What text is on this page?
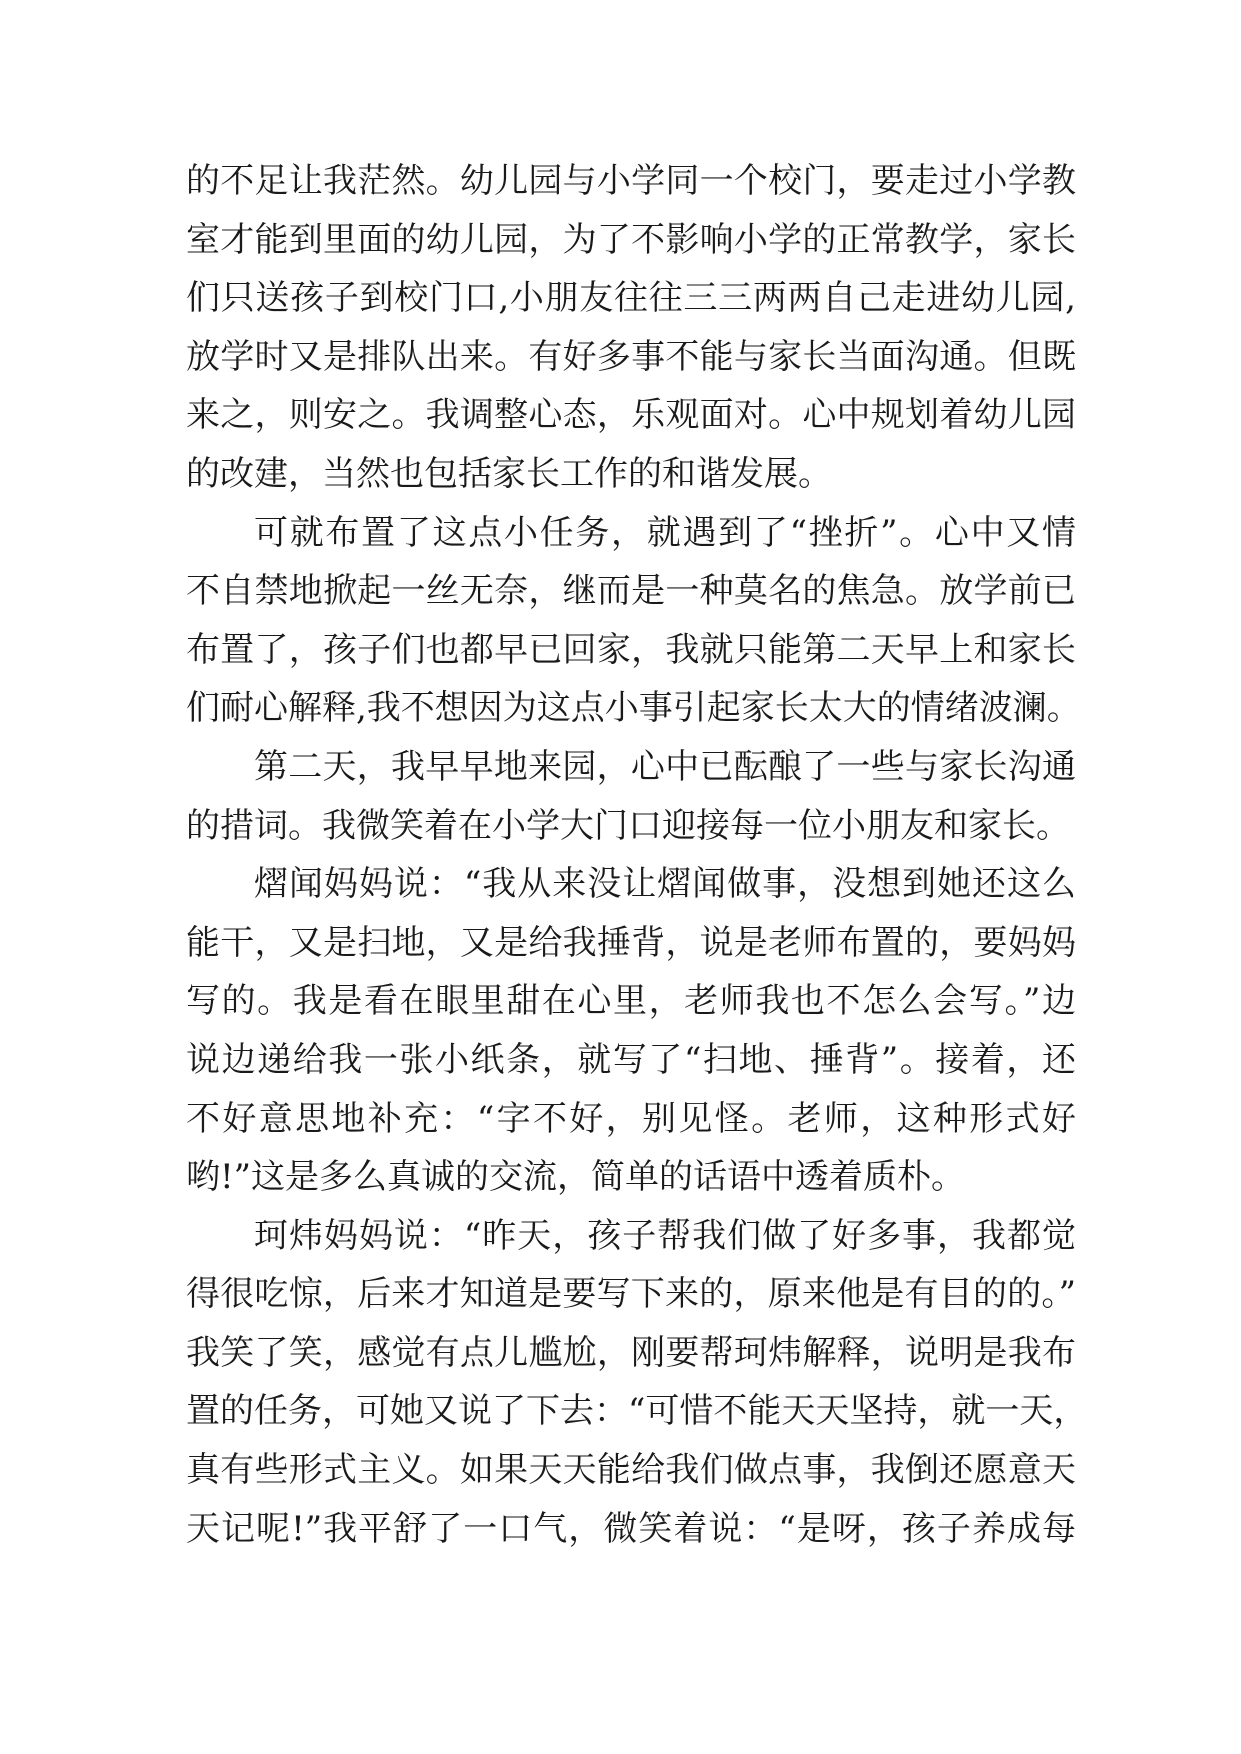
的不足让我茫然。幼儿园与小学同一个校门，要走过小学教
室才能到里面的幼儿园，为了不影响小学的正常教学，家长
们只送孩子到校门口,小朋友往往三三两两自己走进幼儿园,
放学时又是排队出来。有好多事不能与家长当面沟通。但既
来之，则安之。我调整心态，乐观面对。心中规划着幼儿园
的改建，当然也包括家长工作的和谐发展。
可就布置了这点小任务，就遇到了“挫折”。心中又情
不自禁地掀起一丝无奈，继而是一种莫名的焦急。放学前已
布置了，孩子们也都早已回家，我就只能第二天早上和家长
们耐心解释,我不想因为这点小事引起家长太大的情绪波澜。
第二天，我早早地来园，心中已酝酿了一些与家长沟通
的措词。我微笑着在小学大门口迎接每一位小朋友和家长。
熠闻妈妈说：“我从来没让熠闻做事，没想到她还这么
能干，又是扫地，又是给我捶背，说是老师布置的，要妈妈
写的。我是看在眼里甜在心里，老师我也不怎么会写。”边
说边递给我一张小纸条，就写了“扫地、捶背”。接着，还
不好意思地补充：“字不好，别见怪。老师，这种形式好
哟!”这是多么真诚的交流，简单的话语中透着质朴。
珂炜妈妈说：“昨天，孩子帮我们做了好多事，我都觉
得很吃惊，后来才知道是要写下来的，原来他是有目的的。”
我笑了笑，感觉有点儿尴尬，刚要帮珂炜解释，说明是我布
置的任务，可她又说了下去：“可惜不能天天坚持，就一天，
真有些形式主义。如果天天能给我们做点事，我倒还愿意天
天记呢!”我平舒了一口气，微笑着说：“是呀，孩子养成每
